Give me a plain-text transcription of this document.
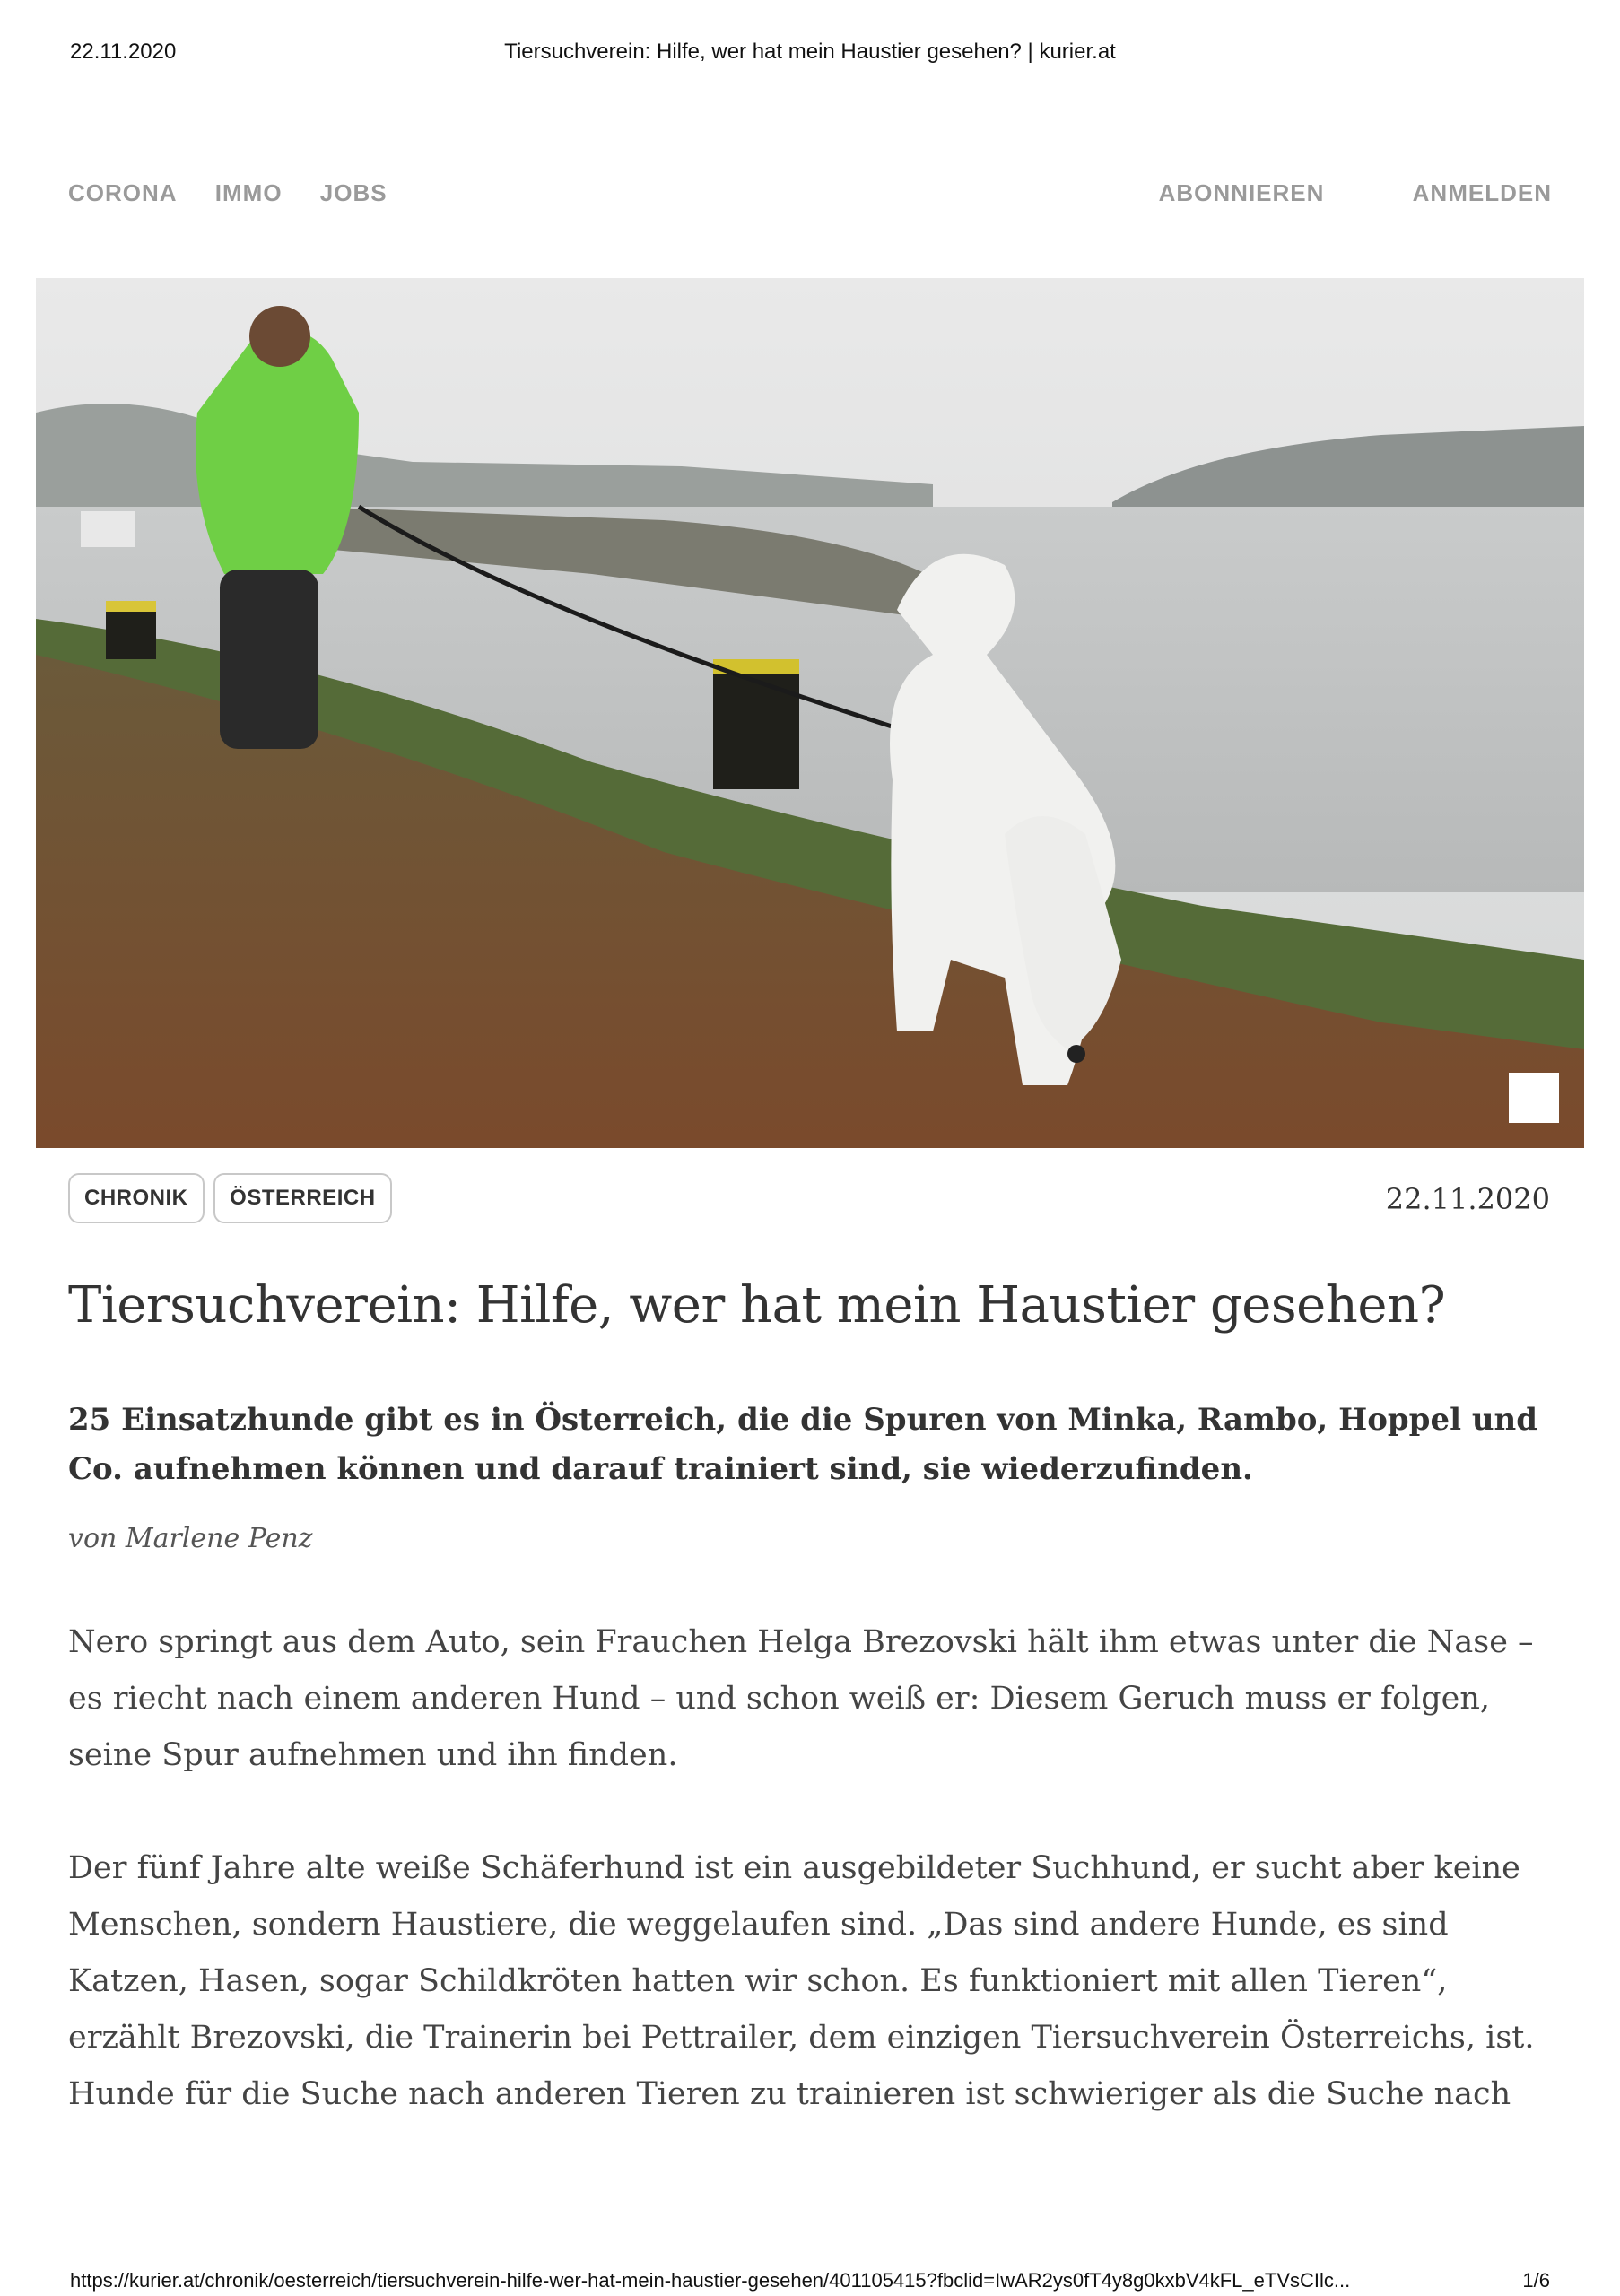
22.11.2020	Tiersuchverein: Hilfe, wer hat mein Haustier gesehen? | kurier.at
CORONA IMMO JOBS	ABONNIEREN	ANMELDEN
CHRONIK ÖSTERREICH	22.11.2020
Tiersuchverein: Hilfe, wer hat mein Haustier gesehen?

25 Einsatzhunde gibt es in Österreich, die die Spuren von Minka, Rambo, Hoppel und Co. aufnehmen können und darauf trainiert sind, sie wiederzufinden.

von Marlene Penz

Nero springt aus dem Auto, sein Frauchen Helga Brezovski hält ihm etwas unter die Nase – es riecht nach einem anderen Hund – und schon weiß er: Diesem Geruch muss er folgen, seine Spur aufnehmen und ihn finden.

Der fünf Jahre alte weiße Schäferhund ist ein ausgebildeter Suchhund, er sucht aber keine Menschen, sondern Haustiere, die weggelaufen sind. „Das sind andere Hunde, es sind Katzen, Hasen, sogar Schildkröten hatten wir schon. Es funktioniert mit allen Tieren“, erzählt Brezovski, die Trainerin bei Pettrailer, dem einzigen Tiersuchverein Österreichs, ist. Hunde für die Suche nach anderen Tieren zu trainieren ist schwieriger als die Suche nach

https://kurier.at/chronik/oesterreich/tiersuchverein-hilfe-wer-hat-mein-haustier-gesehen/401105415?fbclid=IwAR2ys0fT4y8g0kxbV4kFL_eTVsCIlc...	1/6
